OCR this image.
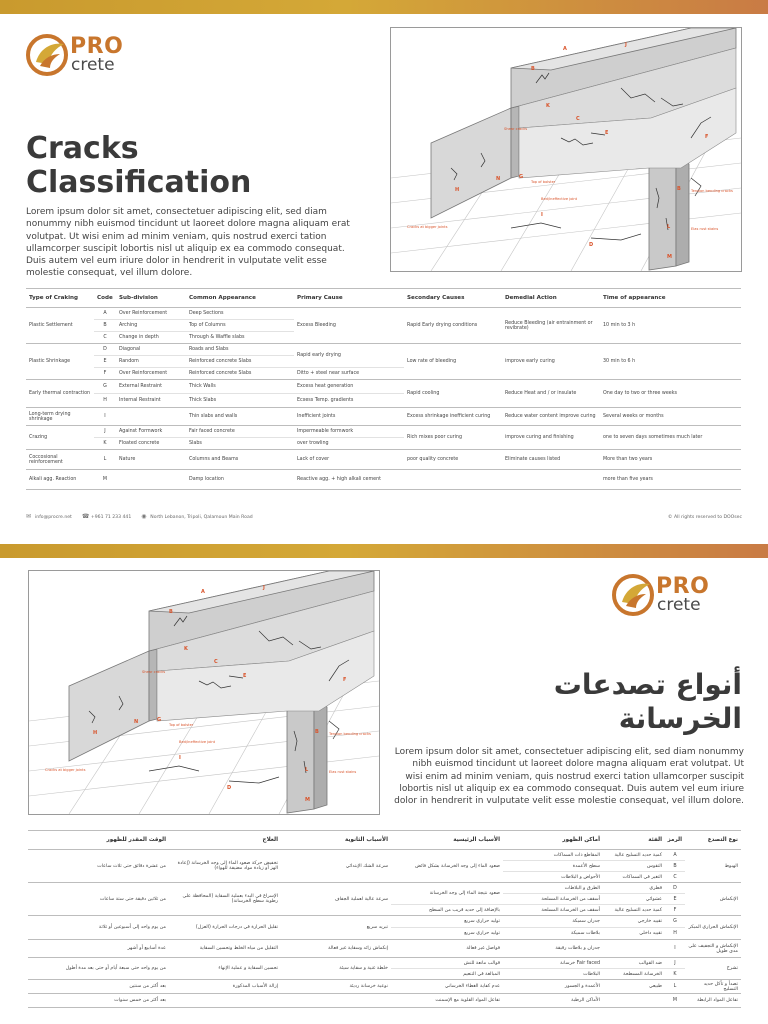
PRO
crete
Cracks
Classification

Lorem ipsum dolor sit amet, consectetuer adipiscing elit, sed diam nonummy nibh euismod tincidunt ut laoreet dolore magna aliquam erat volutpat. Ut wisi enim ad minim veniam, quis nostrud exerci tation ullamcorper suscipit lobortis nisl ut aliquip ex ea commodo consequat. Duis autem vel eum iriure dolor in hendrerit in vulputate velit esse molestie consequat, vel illum dolore.

B
A
J
K
C
E
F
B
G
N
H
I
D
L
M
Shear cracks
Top of bolster
Bed/ineffective joint
Tension bending cracks
Cracks at bigger joints	Elas rust stains
Type of Craking	Code	Sub-division	Common Appearance	Primary Cause	Secondary Causes	Demedial Action	Time of appearance
Plastic Settlement	A	Over Reinforcement	Deep Sections	Excess Bleeding	Rapid Early drying conditions	Reduce Bleeding (air entrainment or revibrate)	10 min to 3 h
	B	Arching	Top of Columns				
	C	Change in depth	Through & Waffle slabs				
Plastic Shrinkage	D	Diagonal	Roads and Slabs	Rapid early drying	Low rate of bleeding	improve early curing	30 min to 6 h
	E	Random	Reinforced concrete Slabs				
	F	Over Reinforcement	Reinforced concrete Slabs	Ditto + steel near surface			
Early thermal contraction	G	External Restraint	Thick Walls	Excess heat generation	Rapid cooling	Reduce Heat and / or insulate	One day to two or three weeks
	H	Internal Restraint	Thick Slabs	Ecxess Temp. gradients			
Long-term drying shrinkage	I		Thin slabs and walls	Inefficient joints	Excess shrinkage inefficient curing	Reduce water content improve curing	Several weeks or months
Crazing	J	Against Formwork	Fair faced concrete	Impermeable formwork	Rich mixes poor curing	improve curing and finishing	one to seven days sometimes much later
	K	Floated concrete	Slabs	over trowling			
Coccosional reinforcement	L	Nature	Columns and Beams	Lack of cover	poor quality concrete	Eliminate causes listed	More than two years
Alkali agg. Reaction	M		Damp location	Reactive agg. + high alkali cement			more than five years
✉ info@procre.net ☎ +961 71 233 441 ◉ North Lebanon, Tripoli, Qalamoun Main Road	© All rights reserved to DOOsec
B
A
J
K
C
E
F
B
G
N
H
I
D
L
M
Shear cracks
Top of bolster
Bed/ineffective joint
Tension bending cracks
Cracks at bigger joints	Elas rust stains
PRO
crete
أنواع تصدعات
الخرسانة

Lorem ipsum dolor sit amet, consectetuer adipiscing elit, sed diam nonummy nibh euismod tincidunt ut laoreet dolore magna aliquam erat volutpat. Ut wisi enim ad minim veniam, quis nostrud exerci tation ullamcorper suscipit lobortis nisl ut aliquip ex ea commodo consequat. Duis autem vel eum iriure dolor in hendrerit in vulputate velit esse molestie consequat, vel illum dolore.

نوع التصدع	الرمز	الفئة	أماكن الظهور	الأسباب الرئيسية	الأسباب الثانوية	العلاج	الوقت المقدر للظهور
الهبوط	A	كمية حديد التسليح عالية	المقاطع ذات السماكات	صعود الماء إلى وجه الخرسانة بشكل فائض	سرعة الشك الإبتدائي	تخفيض حركة صعود الماء إلى وجه الخرسانة (إعادة الهز أو زيادة مواد مضيفة للهواء)	من عشرة دقائق حتى ثلاث ساعات
	B	التقوس	سطح الأعمدة				
	C	التغير في السماكات	الأحواض و البلاطات				
الإنكماش	D	قطري	الطرق و البلاطات	صعود نتيجة الماء إلى وجه الخرسانة	سرعة عالية لعملية الجفاف	الإسراع في البدء بعملية السقاية (المحافظة على رطوبة سطح الخرسانة)	من ثلاثين دقيقة حتى ستة ساعات
	E	عشوائي	أسقف من الخرسانة المسلحة				
	F	كمية حديد التسليح عالية	أسقف من الخرسانة المسلحة	بالإضافة إلى حديد قريب من السطح			
الإنكماش الحراري المبكر	G	تقييد خارجي	جدران سميكة	توليد حراري سريع	تبريد سريع	تقليل الحرارة في درجات الحرارة (العزل)	من يوم واحد إلى أسبوعين أو ثلاثة
	H	تقييد داخلي	بلاطات سميكة	توليد حراري سريع			
الإنكماش و التجفيف على مدى طويل	I		جدران و بلاطات رقيقة	فواصل غير فعالة	إنكماش زائد وسقاية غير فعالة	التقليل من مياه الخلط وتحسين السقاية	عدة أسابيع أو أشهر
تشرخ	J	ضد القوالب	Fair faced خرسانة	قوالب مانعة للنش	خلطة غنية و سقاية سيئة	تحسين السقاية و عملية الإنهاء	من يوم واحد حتى سبعة أيام أو حتى بعد مدة أطول
	K	الخرسانة المسطحة	البلاطات	المبالغة في التنعيم			
تصدأ و تآكل حديد التسليح	L	طبيعي	الأعمدة و الجسور	عدم كفاية الغطاء الخرساني	نوعية خرسانة رديئة	إزالة الأسباب المذكورة	بعد أكثر من سنتين
تفاعل المواد الرابطة	M		الأماكن الرطبة	تفاعل المواد القلوية مع الإسمنت			بعد أكثر من خمس سنوات
